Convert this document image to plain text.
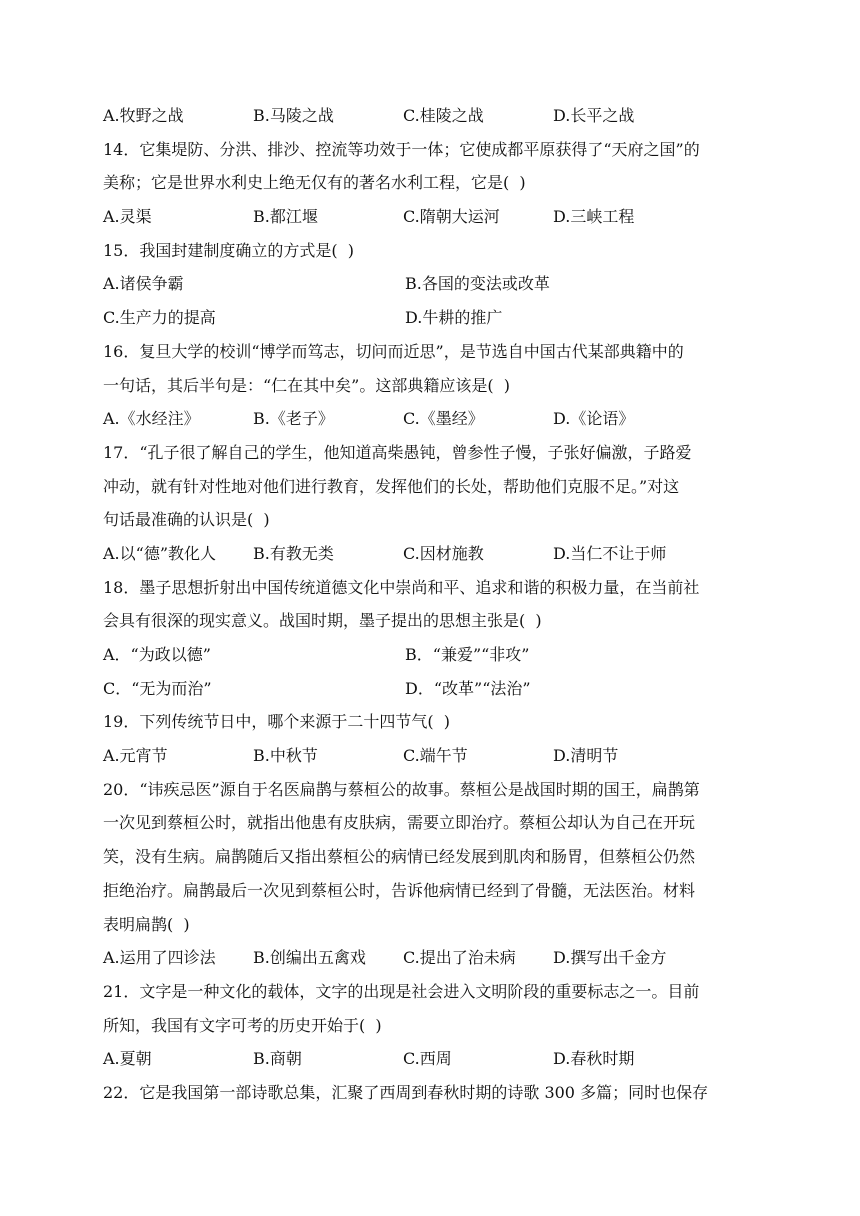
A.牧野之战	B.马陵之战	C.桂陵之战	D.长平之战
14．它集堤防、分洪、排沙、控流等功效于一体；它使成都平原获得了“天府之国”的
美称；它是世界水利史上绝无仅有的著名水利工程，它是(  )
A.灵渠	B.都江堰	C.隋朝大运河	D.三峡工程
15．我国封建制度确立的方式是(  )
A.诸侯争霸	B.各国的变法或改革
C.生产力的提高	D.牛耕的推广
16．复旦大学的校训“博学而笃志，切问而近思”，是节选自中国古代某部典籍中的
一句话，其后半句是：“仁在其中矣”。这部典籍应该是(  )
A.《水经注》	B.《老子》	C.《墨经》	D.《论语》
17．“孔子很了解自己的学生，他知道高柴愚钝，曾参性子慢，子张好偏激，子路爱
冲动，就有针对性地对他们进行教育，发挥他们的长处，帮助他们克服不足。”对这
句话最准确的认识是(  )
A.以“德”教化人	B.有教无类	C.因材施教	D.当仁不让于师
18．墨子思想折射出中国传统道德文化中崇尚和平、追求和谐的积极力量，在当前社
会具有很深的现实意义。战国时期，墨子提出的思想主张是(  )
A．“为政以德”	B．“兼爱”“非攻”
C．“无为而治”	D．“改革”“法治”
19．下列传统节日中，哪个来源于二十四节气(  )
A.元宵节	B.中秋节	C.端午节	D.清明节
20．“讳疾忌医”源自于名医扁鹊与蔡桓公的故事。蔡桓公是战国时期的国王，扁鹊第
一次见到蔡桓公时，就指出他患有皮肤病，需要立即治疗。蔡桓公却认为自己在开玩
笑，没有生病。扁鹊随后又指出蔡桓公的病情已经发展到肌肉和肠胃，但蔡桓公仍然
拒绝治疗。扁鹊最后一次见到蔡桓公时，告诉他病情已经到了骨髓，无法医治。材料
表明扁鹊(  )
A.运用了四诊法	B.创编出五禽戏	C.提出了治未病	D.撰写出千金方
21．文字是一种文化的载体，文字的出现是社会进入文明阶段的重要标志之一。目前
所知，我国有文字可考的历史开始于(  )
A.夏朝	B.商朝	C.西周	D.春秋时期
22．它是我国第一部诗歌总集，汇聚了西周到春秋时期的诗歌 300 多篇；同时也保存
